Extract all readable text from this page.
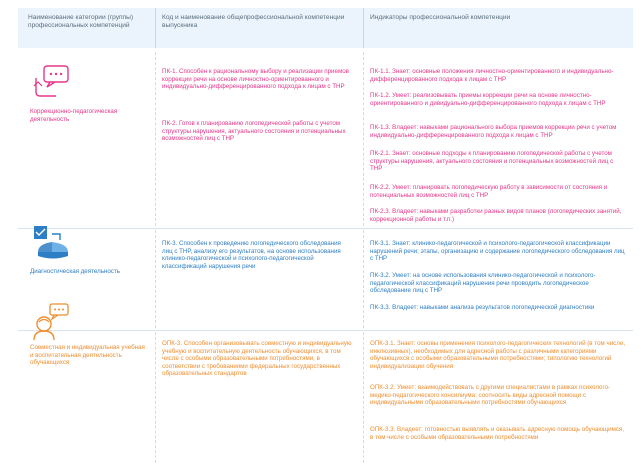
Наименование категории (группы) профессиональных компетенций
Код и наименование общепрофессиональной компетенции выпускника
Индикаторы профессиональной компетенции
Коррекционно-педагогическая деятельность
ПК-1. Способен к рациональному выбору и реализации приемов коррекции речи на основе личностно-ориентированного и индивидуально-дифференцированного подхода к лицам с ТНР
ПК-2. Готов к планированию логопедической работы с учетом структуры нарушения, актуального состояния и потенциальных возможностей лиц с ТНР
ПК-1.1. Знает: основные положения личностно-ориентированного и индивидуально-дифференцированного подхода к лицам с ТНР
ПК-1.2. Умеет: реализовывать приемы коррекции речи на основе личностно-ориентированного и дивидуально-дифференцированного подхода к лицам с ТНР
ПК-1.3. Владеет: навыками рационального выбора приемов коррекции речи с учетом индивидуально-дифференцированного подхода к лицам с ТНР
ПК-2.1. Знает: основные подходы к планированию логопедической работы с учетом структуры нарушения, актуального состояния и потенциальных возможностей лиц с ТНР
ПК-2.2. Умеет: планировать логопедическую работу в зависимости от состояния и потенциальных возможностей лиц с ТНР
ПК-2.3. Владеет: навыками разработки разных видов планов (логопедических занятий, коррекционной работы и т.п.)
Диагностическая деятельность
ПК-3. Способен к проведению логопедического обследования лиц с ТНР, анализу его результатов, на основе использования клинико-педагогической и психолого-педагогической классификаций нарушения речи
ПК-3.1. Знает: клинико-педагогической и психолого-педагогической классификации нарушений речи; этапы, организацию и содержание логопедического обследования лиц с ТНР
ПК-3.2. Умеет: на основе использования клинико-педагогической и психолого-педагогической классификаций нарушения речи проводить логопедическое обследование лиц с ТНР
ПК-3.3. Владеет: навыками анализа результатов логопедической диагностики
Совместная и индивидуальная учебная и воспитательная деятельность обучающихся
ОПК-3. Способен организовывать совместную и индивидуальную учебную и воспитательную деятельность обучающихся, в том числе с особыми образовательными потребностями, в соответствии с требованиями федеральных государственных образовательных стандартов
ОПК-3.1. Знает: основы применения психолого-педагогических технологий (в том числе, инклюзивных), необходимых для адресной работы с различными категориями обучающихся с особыми образовательными потребностями; типологию технологий индивидуализации обучения
ОПК-3.2. Умеет: взаимодействовать с другими специалистами в рамках психолого- медико-педагогического консилиума; соотносить виды адресной помощи с индивидуальными образовательными потребностями обучающихся
ОПК-3.3. Владеет: готовностью выявлять и оказывать адресную помощь обучающимся, в том числе с особыми образовательными потребностями
